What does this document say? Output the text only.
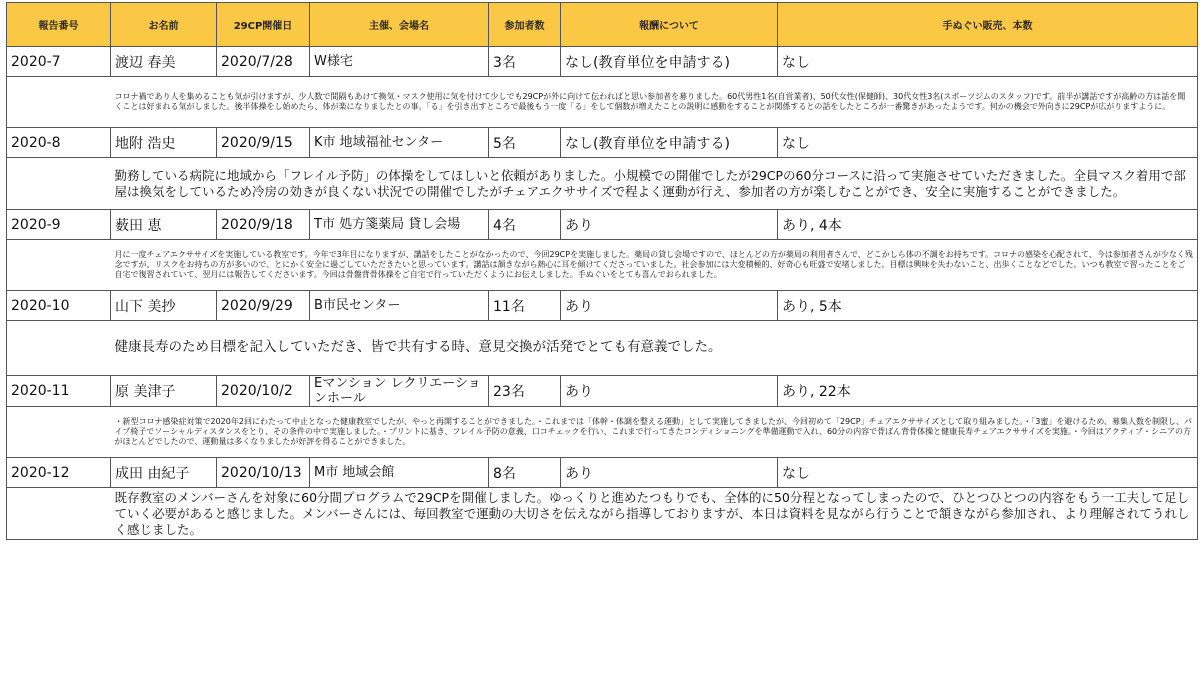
報告番号	お名前	29CP開催日	主催、会場名	参加者数	報酬について	手ぬぐい販売、本数
2020-7	渡辺 春美	2020/7/28	W様宅	3名	なし(教育単位を申請する)	なし
	コロナ禍であり人を集めることも気が引けますが、少人数で間隔もあけて換気・マスク使用に気を付けて少しでも29CPが外に向けて伝わればと思い参加者を募りました。60代男性1名(自営業者)、50代女性(保健師)、30代女性3名(スポーツジムのスタッフ)です。前半が講話ですが高齢の方は話を聞くことは好まれる気がしました。後半体操をし始めたら、体が楽になりましたとの事。「る」を引き出すところで最後もう一度「る」をして個数が増えたことの説明に感動をすることが関係するとの話をしたところが一番驚きがあったようです。何かの機会で外向きに29CPが広がりますように。					
2020-8	地附 浩史	2020/9/15	K市 地域福祉センター	5名	なし(教育単位を申請する)	なし
	勤務している病院に地域から「フレイル予防」の体操をしてほしいと依頼がありました。小規模での開催でしたが29CPの60分コースに沿って実施させていただきました。全員マスク着用で部屋は換気をしているため冷房の効きが良くない状況での開催でしたがチェアエクササイズで程よく運動が行え、参加者の方が楽しむことができ、安全に実施することができました。					
2020-9	薮田 恵	2020/9/18	T市 処方箋薬局 貸し会場	4名	あり	あり, 4本
	月に一度チェアエクササイズを実施している教室です。今年で3年目になりますが、講話をしたことがなかったので、今回29CPを実施しました。薬局の貸し会場ですので、ほとんどの方が薬局の利用者さんで、どこかしら体の不調をお持ちです。コロナの感染を心配されて、今は参加者さんが少なく残念ですが、リスクをお持ちの方が多いので、とにかく安全に過ごしていただきたいと思っています。講話は頷きながら熱心に耳を傾けてくださっていました。社会参加には大変積極的、好奇心も旺盛で安堵しました。目標は興味を失わないこと、出歩くことなどでした。いつも教室で習ったことをご自宅で復習されていて、翌月には報告してくださいます。今回は骨盤背骨体操をご自宅で行っていただくようにお伝えしました。手ぬぐいをとても喜んでおられました。					
2020-10	山下 美抄	2020/9/29	B市民センター	11名	あり	あり, 5本
	健康長寿のため目標を記入していただき、皆で共有する時、意見交換が活発でとても有意義でした。					
2020-11	原 美津子	2020/10/2	Eマンション レクリエーションホール	23名	あり	あり, 22本
	・新型コロナ感染症対策で2020年2回にわたって中止となった健康教室でしたが、やっと再開することができました。・これまでは「体幹・体調を整える運動」として実施してきましたが、今回初めて「29CP」チェアエクササイズとして取り組みました。・「3蜜」を避けるため、募集人数を制限し、パイプ椅子でソーシャルディスタンスをとり、その条件の中で実施しました。・プリントに基き、フレイル予防の意義、口コチェックを行い、これまで行ってきたコンディショニングを準備運動で入れ、60分の内容で骨ばん背骨体操と健康長寿チェアエクササイズを実施。・今回はアクティブ・シニアの方がほとんどでしたので、運動量は多くなりましたが好評を得ることができました。					
2020-12	成田 由紀子	2020/10/13	M市 地域会館	8名	あり	なし
	既存教室のメンバーさんを対象に60分間プログラムで29CPを開催しました。ゆっくりと進めたつもりでも、全体的に50分程となってしまったので、ひとつひとつの内容をもう一工夫して足していく必要があると感じました。メンバーさんには、毎回教室で運動の大切さを伝えながら指導しておりますが、本日は資料を見ながら行うことで頷きながら参加され、より理解されてうれしく感じました。					
